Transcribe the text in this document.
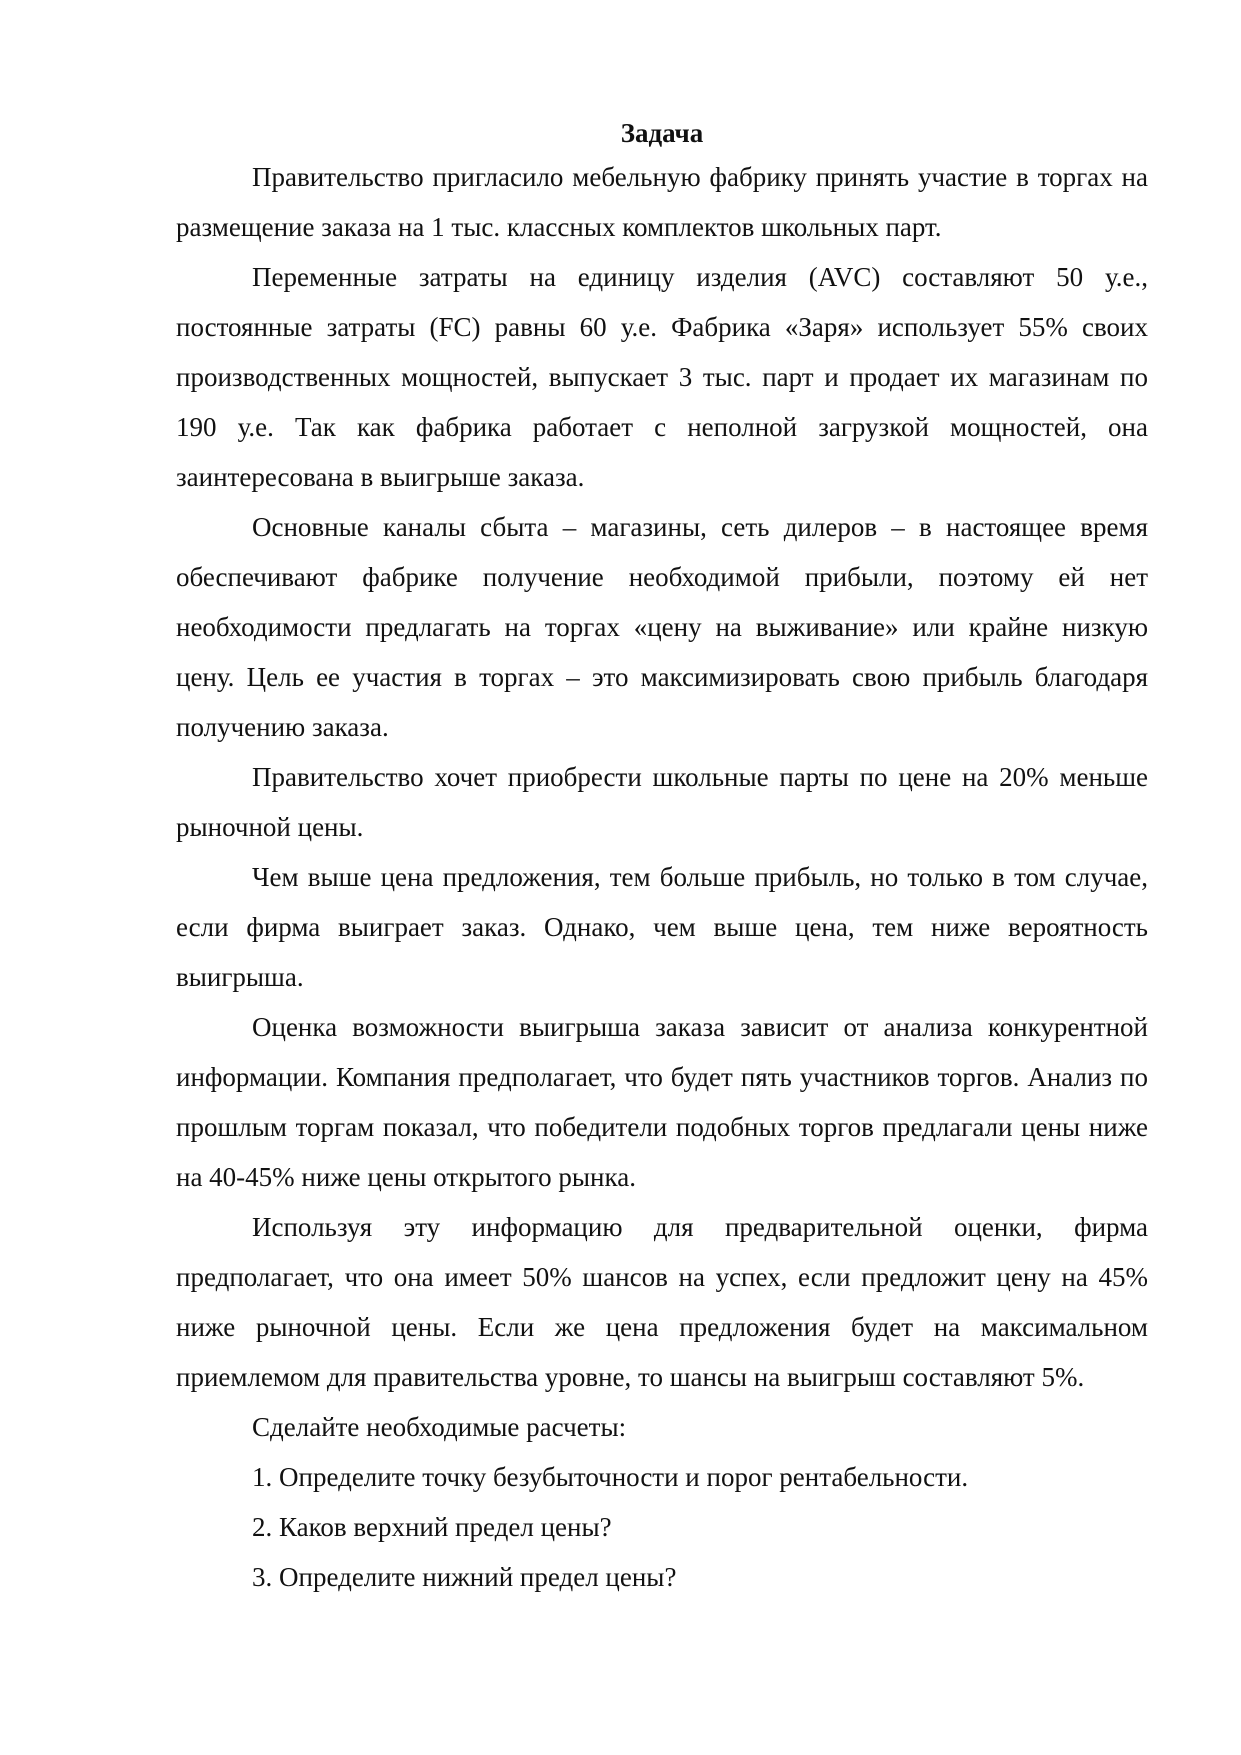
Задача

Правительство пригласило мебельную фабрику принять участие в торгах на размещение заказа на 1 тыс. классных комплектов школьных парт.

Переменные затраты на единицу изделия (AVC) составляют 50 у.е., постоянные затраты (FC) равны 60 у.е. Фабрика «Заря» использует 55% своих производственных мощностей, выпускает 3 тыс. парт и продает их магазинам по 190 у.е. Так как фабрика работает с неполной загрузкой мощностей, она заинтересована в выигрыше заказа.

Основные каналы сбыта – магазины, сеть дилеров – в настоящее время обеспечивают фабрике получение необходимой прибыли, поэтому ей нет необходимости предлагать на торгах «цену на выживание» или крайне низкую цену. Цель ее участия в торгах – это максимизировать свою прибыль благодаря получению заказа.

Правительство хочет приобрести школьные парты по цене на 20% меньше рыночной цены.

Чем выше цена предложения, тем больше прибыль, но только в том случае, если фирма выиграет заказ. Однако, чем выше цена, тем ниже вероятность выигрыша.

Оценка возможности выигрыша заказа зависит от анализа конкурентной информации. Компания предполагает, что будет пять участников торгов. Анализ по прошлым торгам показал, что победители подобных торгов предлагали цены ниже на 40-45% ниже цены открытого рынка.

Используя эту информацию для предварительной оценки, фирма предполагает, что она имеет 50% шансов на успех, если предложит цену на 45% ниже рыночной цены. Если же цена предложения будет на максимальном приемлемом для правительства уровне, то шансы на выигрыш составляют 5%.

Сделайте необходимые расчеты:

1. Определите точку безубыточности и порог рентабельности.
2. Каков верхний предел цены?
3. Определите нижний предел цены?
